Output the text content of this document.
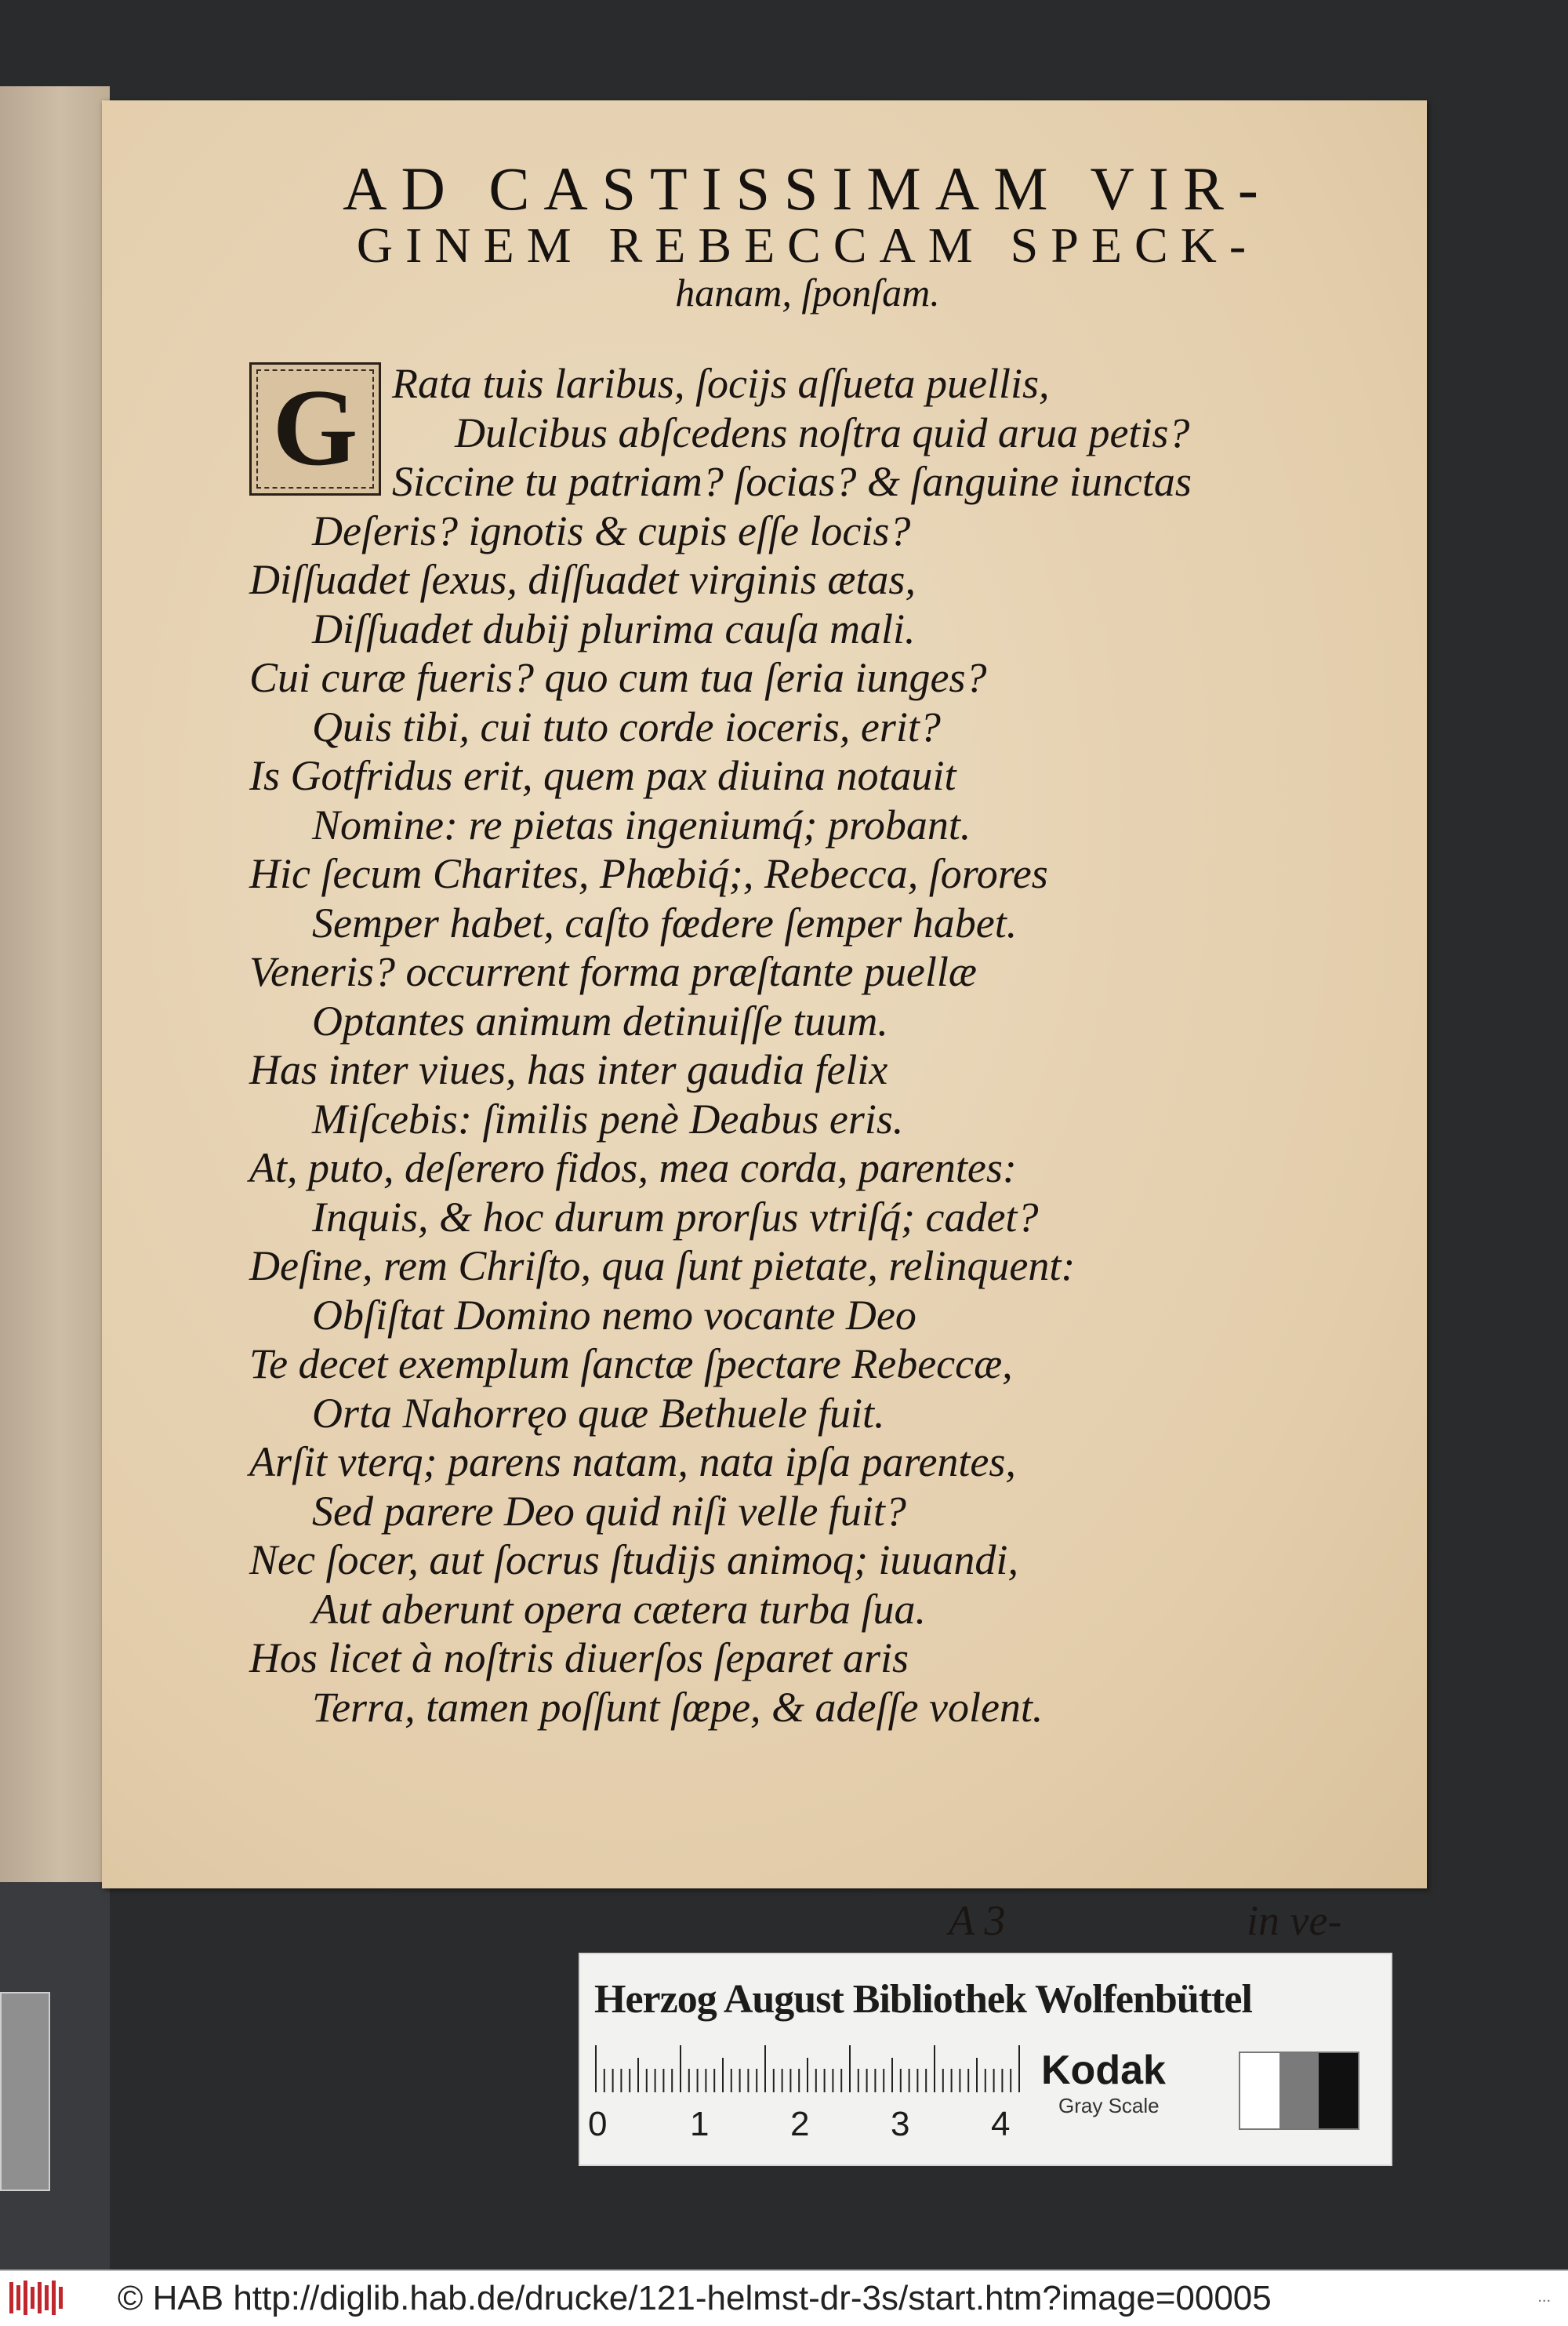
AD CASTISSIMAM VIR-
GINEM REBECCAM SPECK-
hanam, ſponſam.
G Rata tuis laribus, ſocijs aſſueta puellis,
Dulcibus abſcedens noſtra quid arua petis?
Siccine tu patriam? ſocias? & ſanguine iunctas
Deſeris? ignotis & cupis eſſe locis?
Diſſuadet ſexus, diſſuadet virginis ætas,
Diſſuadet dubij plurima cauſa mali.
Cui curæ fueris? quo cum tua ſeria iunges?
Quis tibi, cui tuto corde ioceris, erit?
Is Gotfridus erit, quem pax diuina notauit
Nomine: re pietas ingeniumq́; probant.
Hic ſecum Charites, Phœbiq́;, Rebecca, ſorores
Semper habet, caſto fœdere ſemper habet.
Veneris? occurrent forma præſtante puellæ
Optantes animum detinuiſſe tuum.
Has inter viues, has inter gaudia felix
Miſcebis: ſimilis penè Deabus eris.
At, puto, deſerero fidos, mea corda, parentes:
Inquis, & hoc durum prorſus vtriſq́; cadet?
Deſine, rem Chriſto, qua ſunt pietate, relinquent:
Obſiſtat Domino nemo vocante Deo
Te decet exemplum ſanctæ ſpectare Rebeccæ,
Orta Nahorręo quæ Bethuele fuit.
Arſit vterq; parens natam, nata ipſa parentes,
Sed parere Deo quid niſi velle fuit?
Nec ſocer, aut ſocrus ſtudijs animoq; iuuandi,
Aut aberunt opera cætera turba ſua.
Hos licet à noſtris diuerſos ſeparet aris
Terra, tamen poſſunt ſœpe, & adeſſe volent.
A 3	in ve-
Herzog August Bibliothek Wolfenbüttel
0 1 2 3 4
Kodak
Gray Scale
© HAB http://diglib.hab.de/drucke/121-helmst-dr-3s/start.htm?image=00005	...
